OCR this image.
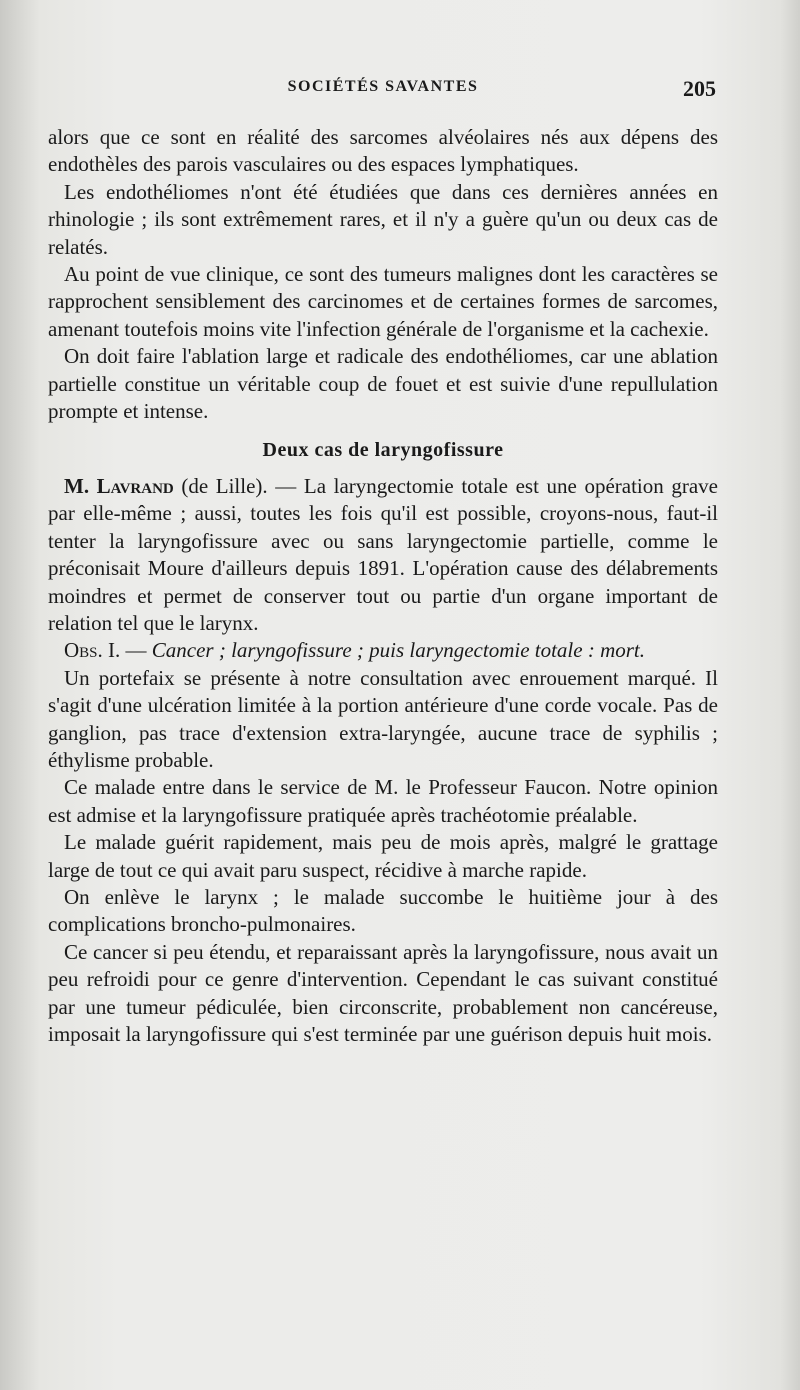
SOCIÉTÉS SAVANTES	205

alors que ce sont en réalité des sarcomes alvéolaires nés aux dépens des endothèles des parois vasculaires ou des espaces lymphatiques.

Les endothéliomes n'ont été étudiées que dans ces dernières années en rhinologie ; ils sont extrêmement rares, et il n'y a guère qu'un ou deux cas de relatés.

Au point de vue clinique, ce sont des tumeurs malignes dont les caractères se rapprochent sensiblement des carcinomes et de certaines formes de sarcomes, amenant toutefois moins vite l'infection générale de l'organisme et la cachexie.

On doit faire l'ablation large et radicale des endothéliomes, car une ablation partielle constitue un véritable coup de fouet et est suivie d'une repullulation prompte et intense.

Deux cas de laryngofissure

M. Lavrand (de Lille). — La laryngectomie totale est une opération grave par elle-même ; aussi, toutes les fois qu'il est possible, croyons-nous, faut-il tenter la laryngofissure avec ou sans laryngectomie partielle, comme le préconisait Moure d'ailleurs depuis 1891. L'opération cause des délabrements moindres et permet de conserver tout ou partie d'un organe important de relation tel que le larynx.

Obs. I. — Cancer ; laryngofissure ; puis laryngectomie totale : mort.

Un portefaix se présente à notre consultation avec enrouement marqué. Il s'agit d'une ulcération limitée à la portion antérieure d'une corde vocale. Pas de ganglion, pas trace d'extension extra-laryngée, aucune trace de syphilis ; éthylisme probable.

Ce malade entre dans le service de M. le Professeur Faucon. Notre opinion est admise et la laryngofissure pratiquée après trachéotomie préalable.

Le malade guérit rapidement, mais peu de mois après, malgré le grattage large de tout ce qui avait paru suspect, récidive à marche rapide.

On enlève le larynx ; le malade succombe le huitième jour à des complications broncho-pulmonaires.

Ce cancer si peu étendu, et reparaissant après la laryngofissure, nous avait un peu refroidi pour ce genre d'intervention. Cependant le cas suivant constitué par une tumeur pédiculée, bien circonscrite, probablement non cancéreuse, imposait la laryngofissure qui s'est terminée par une guérison depuis huit mois.
